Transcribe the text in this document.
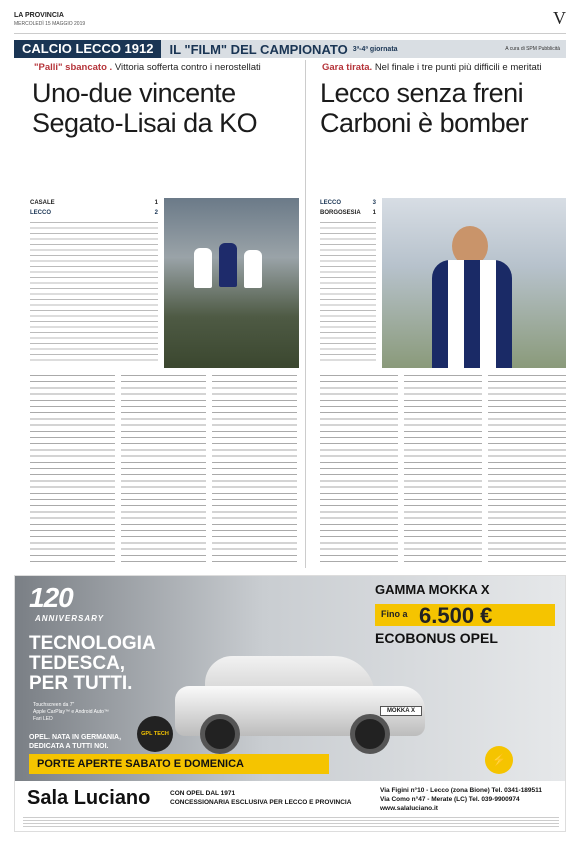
LA PROVINCIA
MERCOLEDÌ 15 MAGGIO 2019	V
CALCIO LECCO 1912	IL "FILM" DEL CAMPIONATO 3ª-4ª giornata	A cura di SPM Pubblicità
"Palli" sbancato . Vittoria sofferta contro i nerostellati
Uno-due vincente
Segato-Lisai da KO
CASALE	1
LECCO	2
Gara tirata. Nel finale i tre punti più difficili e meritati
Lecco senza freni
Carboni è bomber
LECCO	3
BORGOSESIA 1
120
ANNIVERSARY
TECNOLOGIA
TEDESCA,
PER TUTTI.
Touchscreen da 7"
Apple CarPlay™ e Android Auto™
Fari LED
OPEL. NATA IN GERMANIA, DEDICATA A TUTTI NOI.
GPL TECH
MOKKA X
GAMMA MOKKA X
Fino a 6.500 €
ECOBONUS OPEL
PORTE APERTE SABATO E DOMENICA	⚡
Sala Luciano	CON OPEL DAL 1971
CONCESSIONARIA ESCLUSIVA PER LECCO E PROVINCIA
Via Figini n°10 - Lecco (zona Bione) Tel. 0341-189511
Via Como n°47 - Merate (LC) Tel. 039-9900974
www.salaluciano.it
